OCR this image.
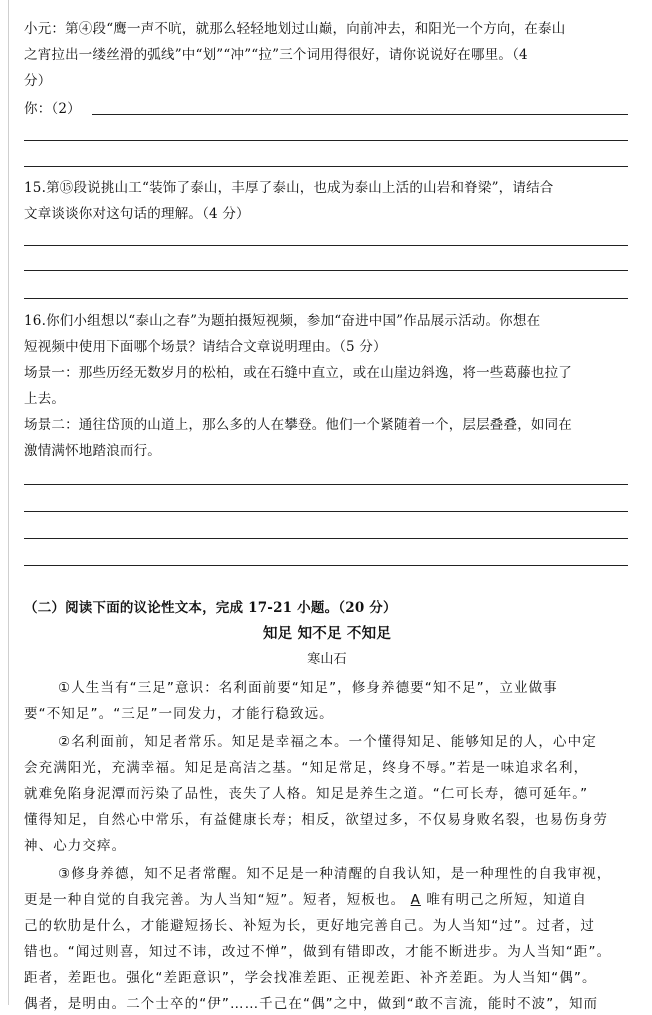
小元：第④段“鹰一声不吭，就那么轻轻地划过山巅，向前冲去，和阳光一个方向，在泰山
之宵拉出一缕丝滑的弧线”中“划”“冲”“拉”三个词用得很好，请你说说好在哪里。（4
分）
你：（2）
15.第⑮段说挑山工“装饰了泰山，丰厚了泰山，也成为泰山上活的山岩和脊梁”，请结合
文章谈谈你对这句话的理解。（4 分）
16.你们小组想以“泰山之春”为题拍摄短视频，参加“奋进中国”作品展示活动。你想在
短视频中使用下面哪个场景？请结合文章说明理由。（5 分）
场景一：那些历经无数岁月的松柏，或在石缝中直立，或在山崖边斜逸，将一些葛藤也拉了
上去。
场景二：通往岱顶的山道上，那么多的人在攀登。他们一个紧随着一个，层层叠叠，如同在
激情满怀地踏浪而行。
（二）阅读下面的议论性文本，完成 17-21 小题。（20 分）
知足 知不足 不知足
寒山石
①人生当有“三足”意识：名利面前要“知足”，修身养德要“知不足”，立业做事
要“不知足”。“三足”一同发力，才能行稳致远。
②名利面前，知足者常乐。知足是幸福之本。一个懂得知足、能够知足的人，心中定
会充满阳光，充满幸福。知足是高洁之基。“知足常足，终身不辱。”若是一味追求名利，
就难免陷身泥潭而污染了品性，丧失了人格。知足是养生之道。“仁可长寿，德可延年。”
懂得知足，自然心中常乐，有益健康长寿；相反，欲望过多，不仅易身败名裂，也易伤身劳
神、心力交瘁。
③修身养德，知不足者常醒。知不足是一种清醒的自我认知，是一种理性的自我审视，
更是一种自觉的自我完善。为人当知“短”。短者，短板也。 A 唯有明己之所短，知道自
己的软肋是什么，才能避短扬长、补短为长，更好地完善自己。为人当知“过”。过者，过
错也。“闻过则喜，知过不讳，改过不惮”，做到有错即改，才能不断进步。为人当知“距”。
距者，差距也。强化“差距意识”，学会找准差距、正视差距、补齐差距。为人当知“偶”。
偶者，是明由。二个士卒的“伊”……千己在“偶”之中，做到“敢不言流，能时不波”，知而
